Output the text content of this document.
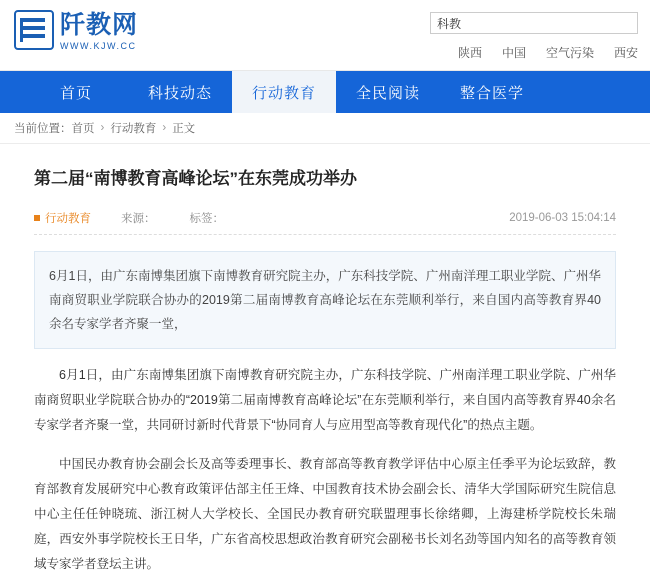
阡教网
WWW.KJW.CC
科教	陕西 中国 空气污染 西安
首页	科技动态	行动教育	全民阅读	整合医学
当前位置： 首页 › 行动教育 › 正文
第二届“南博教育高峰论坛”在东莞成功举办
行动教育	来源：	标签：	2019-06-03 15:04:14
6月1日，由广东南博集团旗下南博教育研究院主办，广东科技学院、广州南洋理工职业学院、广州华南商贸职业学院联合协办的2019第二届南博教育高峰论坛在东莞顺利举行，来自国内高等教育界40余名专家学者齐聚一堂，

6月1日，由广东南博集团旗下南博教育研究院主办，广东科技学院、广州南洋理工职业学院、广州华南商贸职业学院联合协办的“2019第二届南博教育高峰论坛”在东莞顺利举行，来自国内高等教育界40余名专家学者齐聚一堂，共同研讨新时代背景下“协同育人与应用型高等教育现代化”的热点主题。

中国民办教育协会副会长及高等委理事长、教育部高等教育教学评估中心原主任季平为论坛致辞，教育部教育发展研究中心教育政策评估部主任王烽、中国教育技术协会副会长、清华大学国际研究生院信息中心主任任钟晓琉、浙江树人大学校长、全国民办教育研究联盟理事长徐绪卿，上海建桥学院校长朱瑞庭，西安外事学院校长王日华，广东省高校思想政治教育研究会副秘书长刘名劲等国内知名的高等教育领域专家学者登坛主讲。
